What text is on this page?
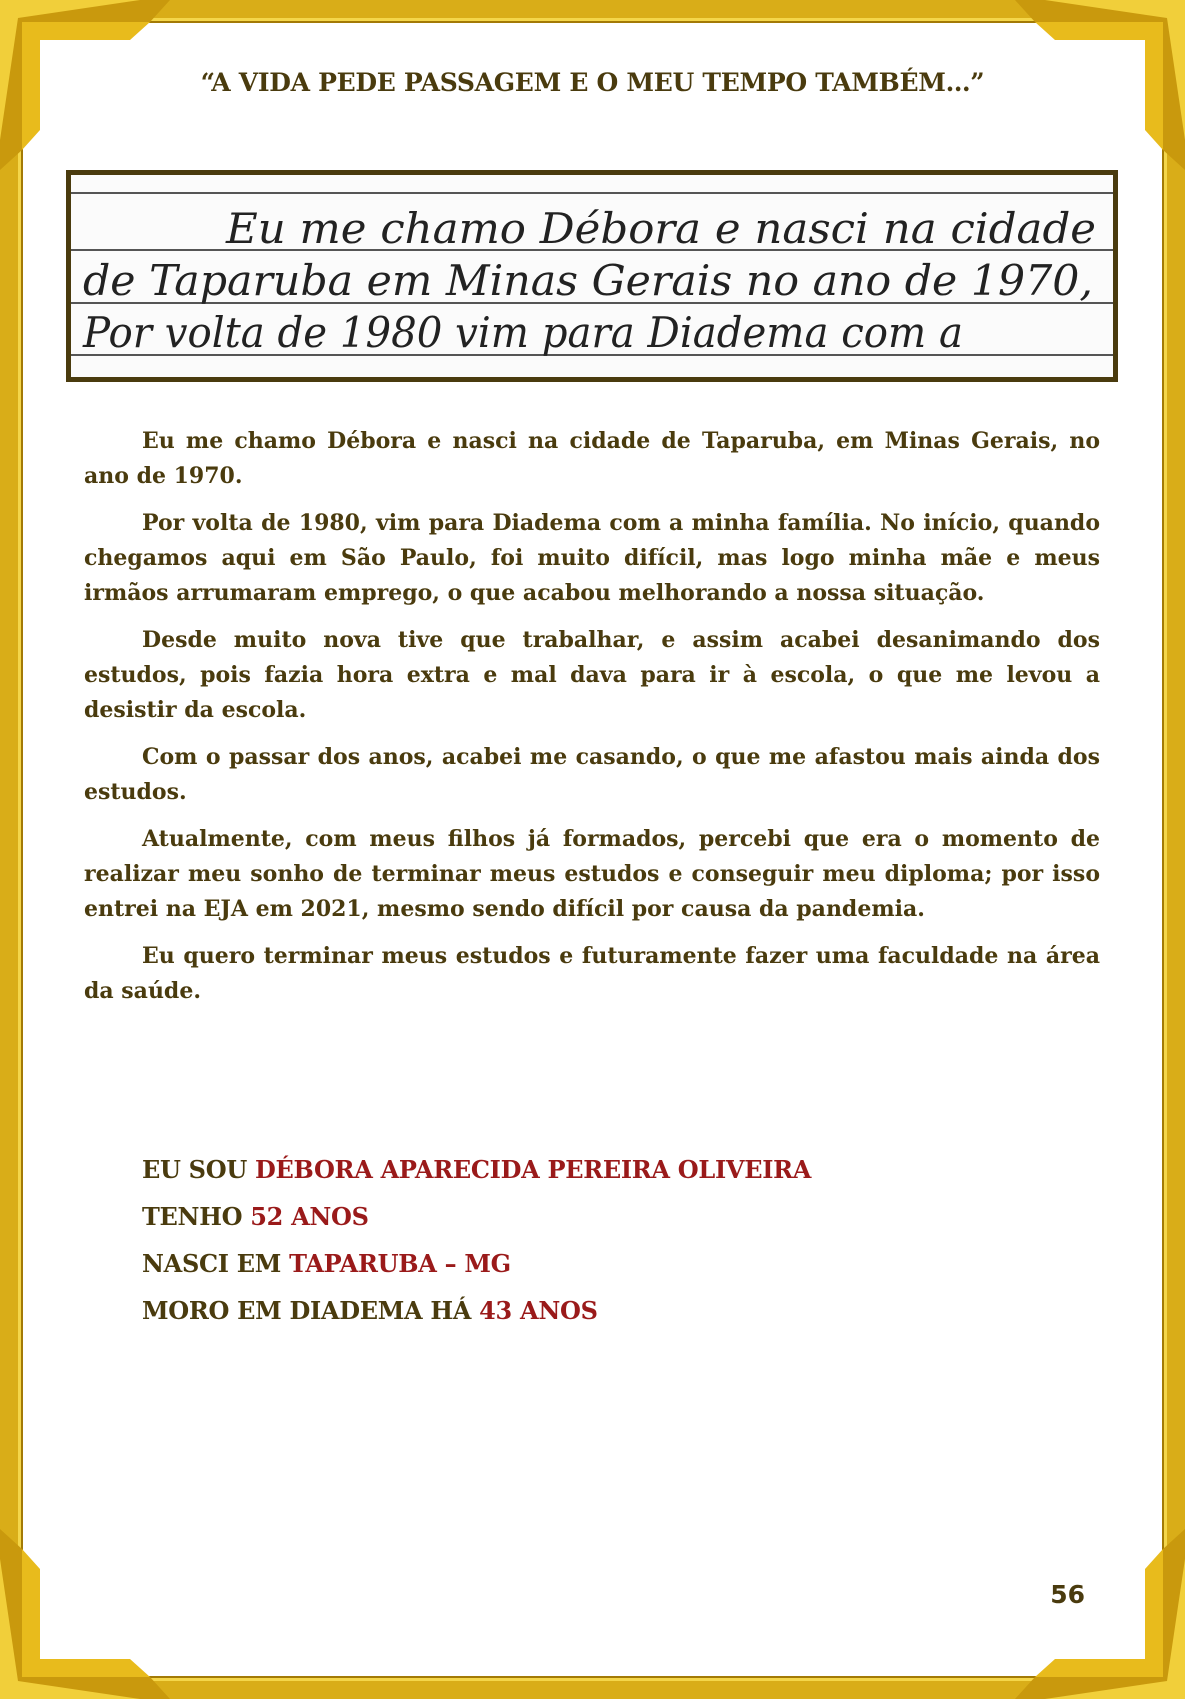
“A VIDA PEDE PASSAGEM E O MEU TEMPO TAMBÉM…”
Eu me chamo Débora e nasci na cidade
de Taparuba em Minas Gerais no ano de 1970,
Por volta de 1980 vim para Diadema com a

Eu me chamo Débora e nasci na cidade de Taparuba, em Minas Gerais, no ano de 1970.

Por volta de 1980, vim para Diadema com a minha família. No início, quando chegamos aqui em São Paulo, foi muito difícil, mas logo minha mãe e meus irmãos arrumaram emprego, o que acabou melhorando a nossa situação.

Desde muito nova tive que trabalhar, e assim acabei desanimando dos estudos, pois fazia hora extra e mal dava para ir à escola, o que me levou a desistir da escola.

Com o passar dos anos, acabei me casando, o que me afastou mais ainda dos estudos.

Atualmente, com meus filhos já formados, percebi que era o momento de realizar meu sonho de terminar meus estudos e conseguir meu diploma; por isso entrei na EJA em 2021, mesmo sendo difícil por causa da pandemia.

Eu quero terminar meus estudos e futuramente fazer uma faculdade na área da saúde.

EU SOU DÉBORA APARECIDA PEREIRA OLIVEIRA
TENHO 52 ANOS
NASCI EM TAPARUBA – MG
MORO EM DIADEMA HÁ 43 ANOS
56
